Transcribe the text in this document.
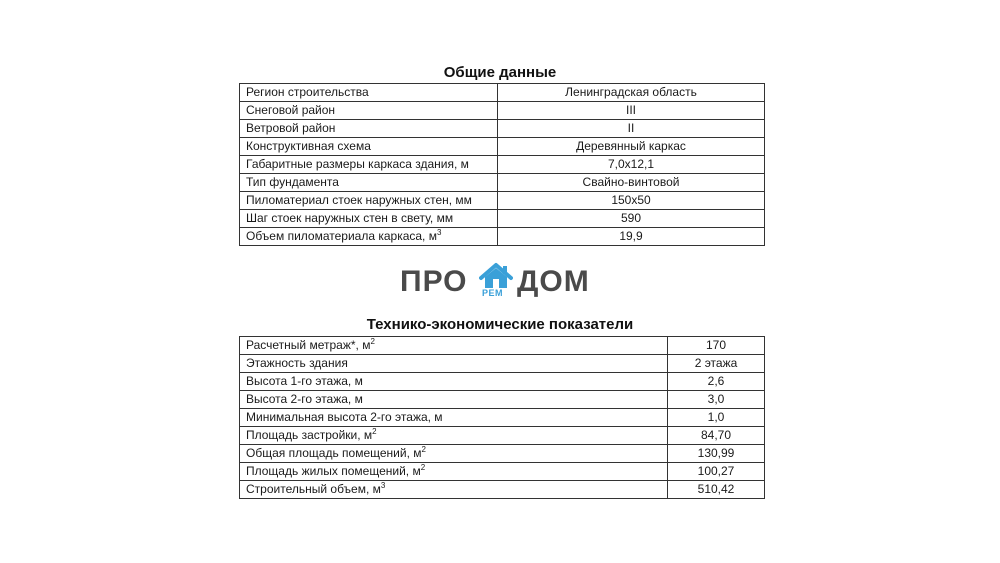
Общие данные
Регион строительства	Ленинградская область
Снеговой район	III
Ветровой район	II
Конструктивная схема	Деревянный каркас
Габаритные размеры каркаса здания, м	7,0х12,1
Тип фундамента	Свайно-винтовой
Пиломатериал стоек наружных стен, мм	150х50
Шаг стоек наружных стен в свету, мм	590
Объем пиломатериала каркаса, $м^3$	19,9
ПРО РЕМ ДОМ
Технико-экономические показатели
Расчетный метраж*, $м^2$	170
Этажность здания	2 этажа
Высота 1-го этажа, м	2,6
Высота 2-го этажа, м	3,0
Минимальная высота 2-го этажа, м	1,0
Площадь застройки, $м^2$	84,70
Общая площадь помещений, $м^2$	130,99
Площадь жилых помещений, $м^2$	100,27
Строительный объем, $м^3$	510,42
